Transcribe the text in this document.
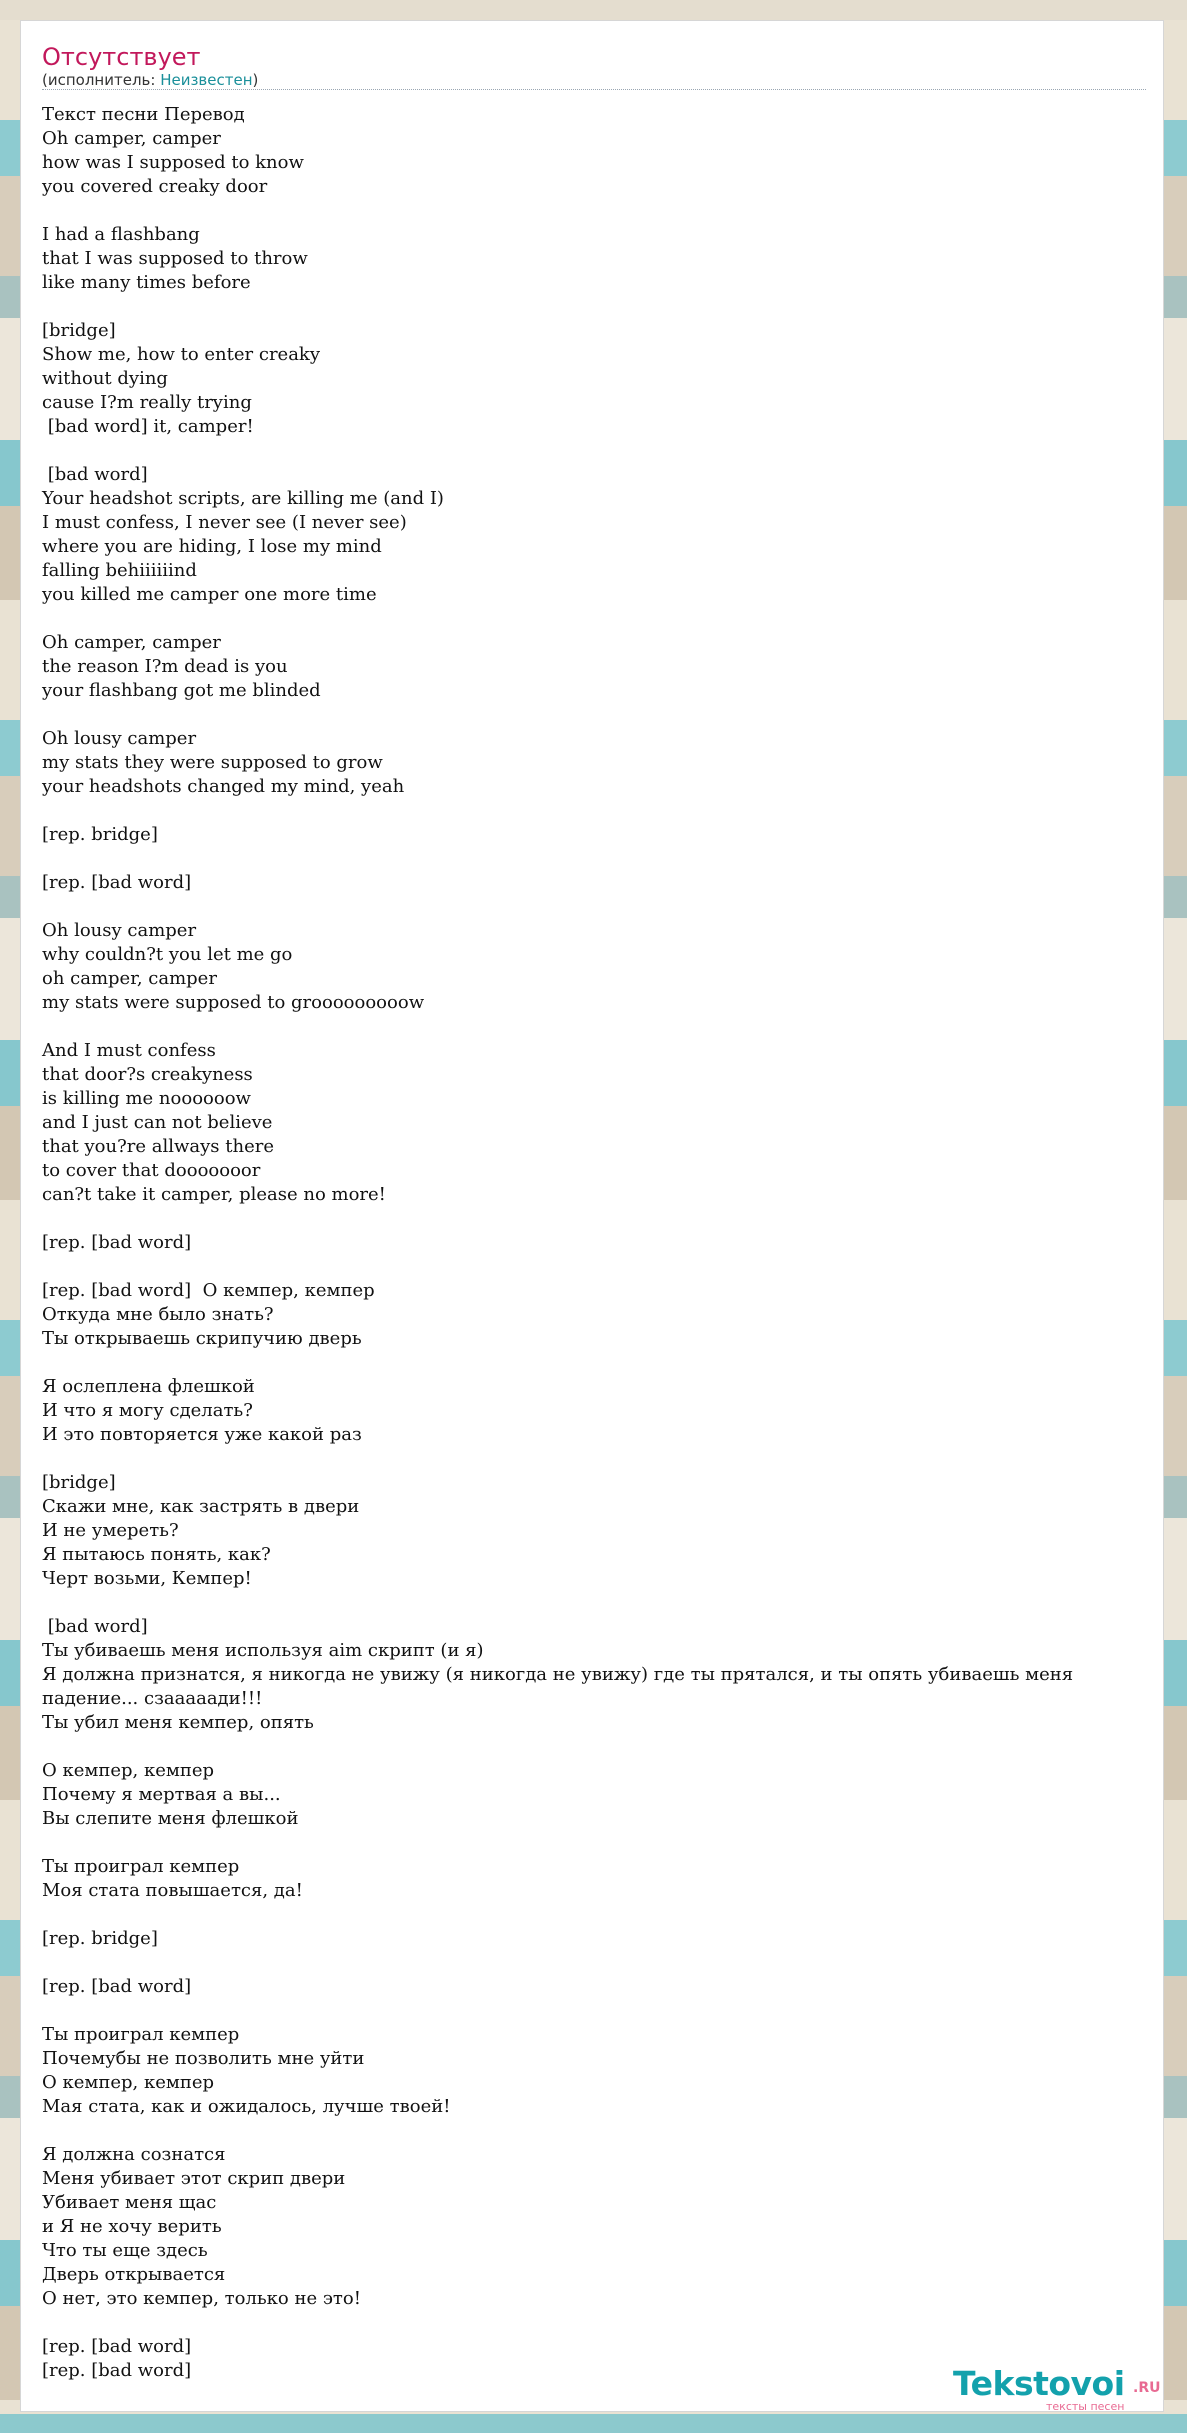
Отсутствует
(исполнитель: Неизвестен)
Текст песни Перевод
Oh camper, camper
how was I supposed to know
you covered creaky door

I had a flashbang
that I was supposed to throw
like many times before

[bridge]
Show me, how to enter creaky
without dying
cause I?m really trying
[bad word] it, camper!

[bad word]
Your headshot scripts, are killing me (and I)
I must confess, I never see (I never see)
where you are hiding, I lose my mind
falling behiiiiiind
you killed me camper one more time

Oh camper, camper
the reason I?m dead is you
your flashbang got me blinded

Oh lousy camper
my stats they were supposed to grow
your headshots changed my mind, yeah

[rep. bridge]

[rep. [bad word]

Oh lousy camper
why couldn?t you let me go
oh camper, camper
my stats were supposed to grooooooooow

And I must confess
that door?s creakyness
is killing me noooooow
and I just can not believe
that you?re allways there
to cover that dooooooor
can?t take it camper, please no more!

[rep. [bad word]

[rep. [bad word]  О кемпер, кемпер
Откуда мне было знать?
Ты открываешь скрипучию дверь

Я ослеплена флешкой
И что я могу сделать?
И это повторяется уже какой раз

[bridge]
Скажи мне, как застрять в двери
И не умереть?
Я пытаюсь понять, как?
Черт возьми, Кемпер!

[bad word]
Ты убиваешь меня используя aim скрипт (и я)
Я должна признатся, я никогда не увижу (я никогда не увижу) где ты прятался, и ты опять убиваешь меня
падение... сзааааади!!!
Ты убил меня кемпер, опять

О кемпер, кемпер
Почему я мертвая а вы...
Вы слепите меня флешкой

Ты проиграл кемпер
Моя стата повышается, да!

[rep. bridge]

[rep. [bad word]

Ты проиграл кемпер
Почемубы не позволить мне уйти
О кемпер, кемпер
Мая стата, как и ожидалось, лучше твоей!

Я должна сознатся
Меня убивает этот скрип двери
Убивает меня щас
и Я не хочу верить
Что ты еще здесь
Дверь открывается
О нет, это кемпер, только не это!

[rep. [bad word]
[rep. [bad word]	Tekstovoi .RU
тексты песен
